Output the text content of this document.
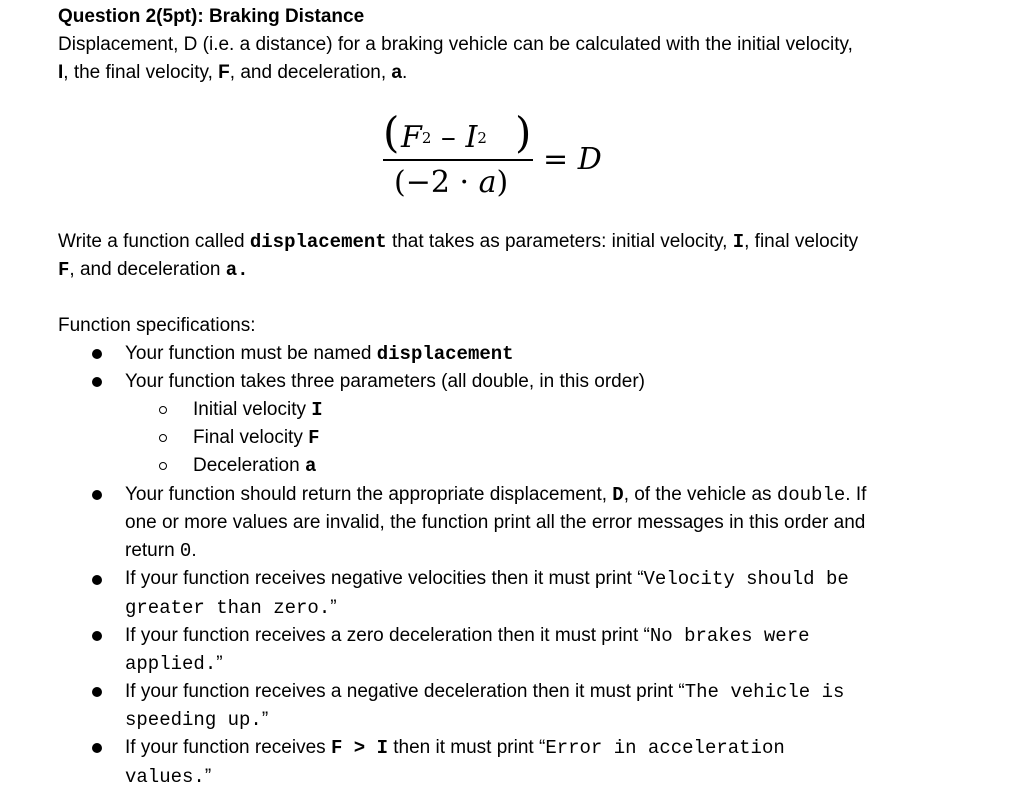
Question 2(5pt): Braking Distance
Displacement, D (i.e. a distance) for a braking vehicle can be calculated with the initial velocity,
I, the final velocity, F, and deceleration, a.
( $F^2 - I^2$ )
(−2 · a)
= D
Write a function called displacement that takes as parameters: initial velocity, I, final velocity
F, and deceleration a.
Function specifications:
Your function must be named displacement
Your function takes three parameters (all double, in this order)
Initial velocity I
Final velocity F
Deceleration a
Your function should return the appropriate displacement, D, of the vehicle as double. If
one or more values are invalid, the function print all the error messages in this order and
return 0.
If your function receives negative velocities then it must print “Velocity should be
greater than zero.”
If your function receives a zero deceleration then it must print “No brakes were
applied.”
If your function receives a negative deceleration then it must print “The vehicle is
speeding up.”
If your function receives F > I then it must print “Error in acceleration
values.”
